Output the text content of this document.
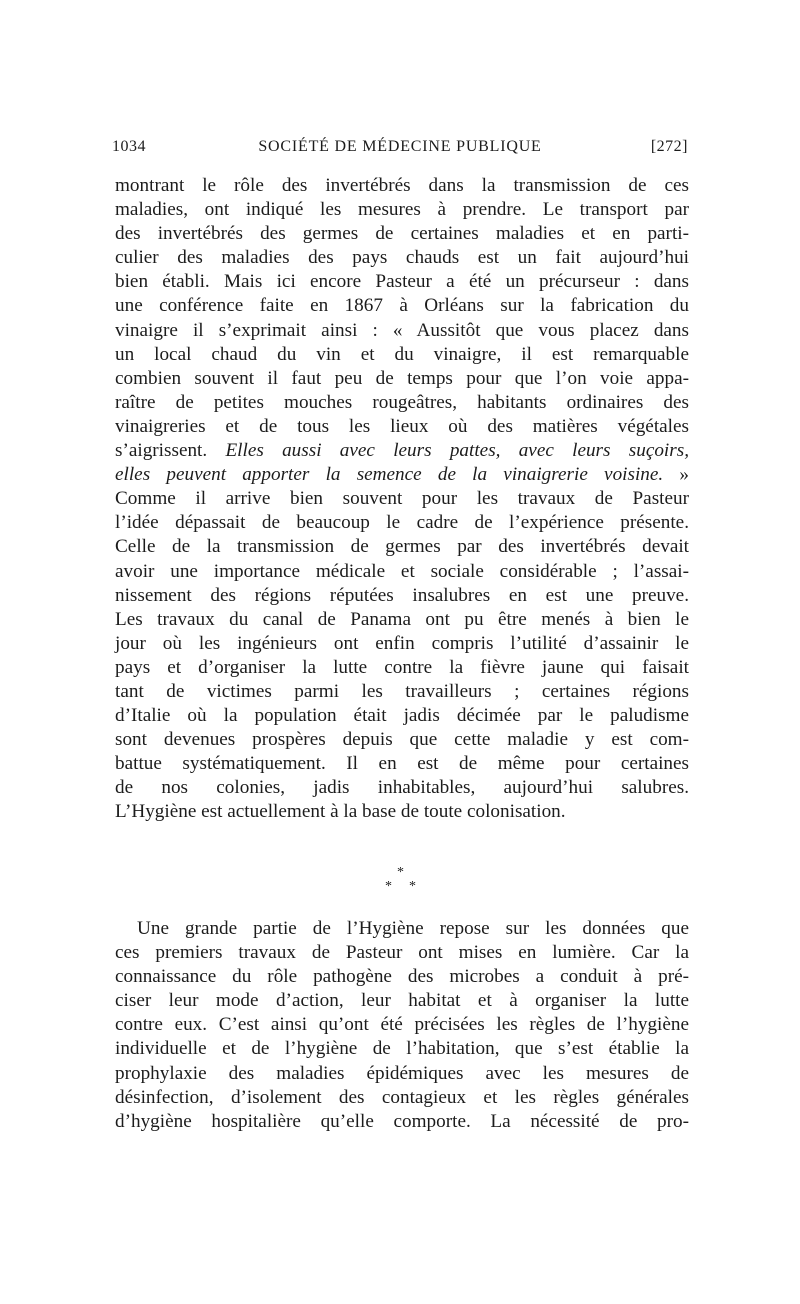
1034	SOCIÉTÉ DE MÉDECINE PUBLIQUE	[272]
montrant le rôle des invertébrés dans la transmission de ces
maladies, ont indiqué les mesures à prendre. Le transport par
des invertébrés des germes de certaines maladies et en parti-
culier des maladies des pays chauds est un fait aujourd’hui
bien établi. Mais ici encore Pasteur a été un précurseur : dans
une conférence faite en 1867 à Orléans sur la fabrication du
vinaigre il s’exprimait ainsi : « Aussitôt que vous placez dans
un local chaud du vin et du vinaigre, il est remarquable
combien souvent il faut peu de temps pour que l’on voie appa-
raître de petites mouches rougeâtres, habitants ordinaires des
vinaigreries et de tous les lieux où des matières végétales
s’aigrissent. Elles aussi avec leurs pattes, avec leurs suçoirs,
elles peuvent apporter la semence de la vinaigrerie voisine. »
Comme il arrive bien souvent pour les travaux de Pasteur
l’idée dépassait de beaucoup le cadre de l’expérience présente.
Celle de la transmission de germes par des invertébrés devait
avoir une importance médicale et sociale considérable ; l’assai-
nissement des régions réputées insalubres en est une preuve.
Les travaux du canal de Panama ont pu être menés à bien le
jour où les ingénieurs ont enfin compris l’utilité d’assainir le
pays et d’organiser la lutte contre la fièvre jaune qui faisait
tant de victimes parmi les travailleurs ; certaines régions
d’Italie où la population était jadis décimée par le paludisme
sont devenues prospères depuis que cette maladie y est com-
battue systématiquement. Il en est de même pour certaines
de nos colonies, jadis inhabitables, aujourd’hui salubres.
L’Hygiène est actuellement à la base de toute colonisation.
*
* *
Une grande partie de l’Hygiène repose sur les données que
ces premiers travaux de Pasteur ont mises en lumière. Car la
connaissance du rôle pathogène des microbes a conduit à pré-
ciser leur mode d’action, leur habitat et à organiser la lutte
contre eux. C’est ainsi qu’ont été précisées les règles de l’hygiène
individuelle et de l’hygiène de l’habitation, que s’est établie la
prophylaxie des maladies épidémiques avec les mesures de
désinfection, d’isolement des contagieux et les règles générales
d’hygiène hospitalière qu’elle comporte. La nécessité de pro-
